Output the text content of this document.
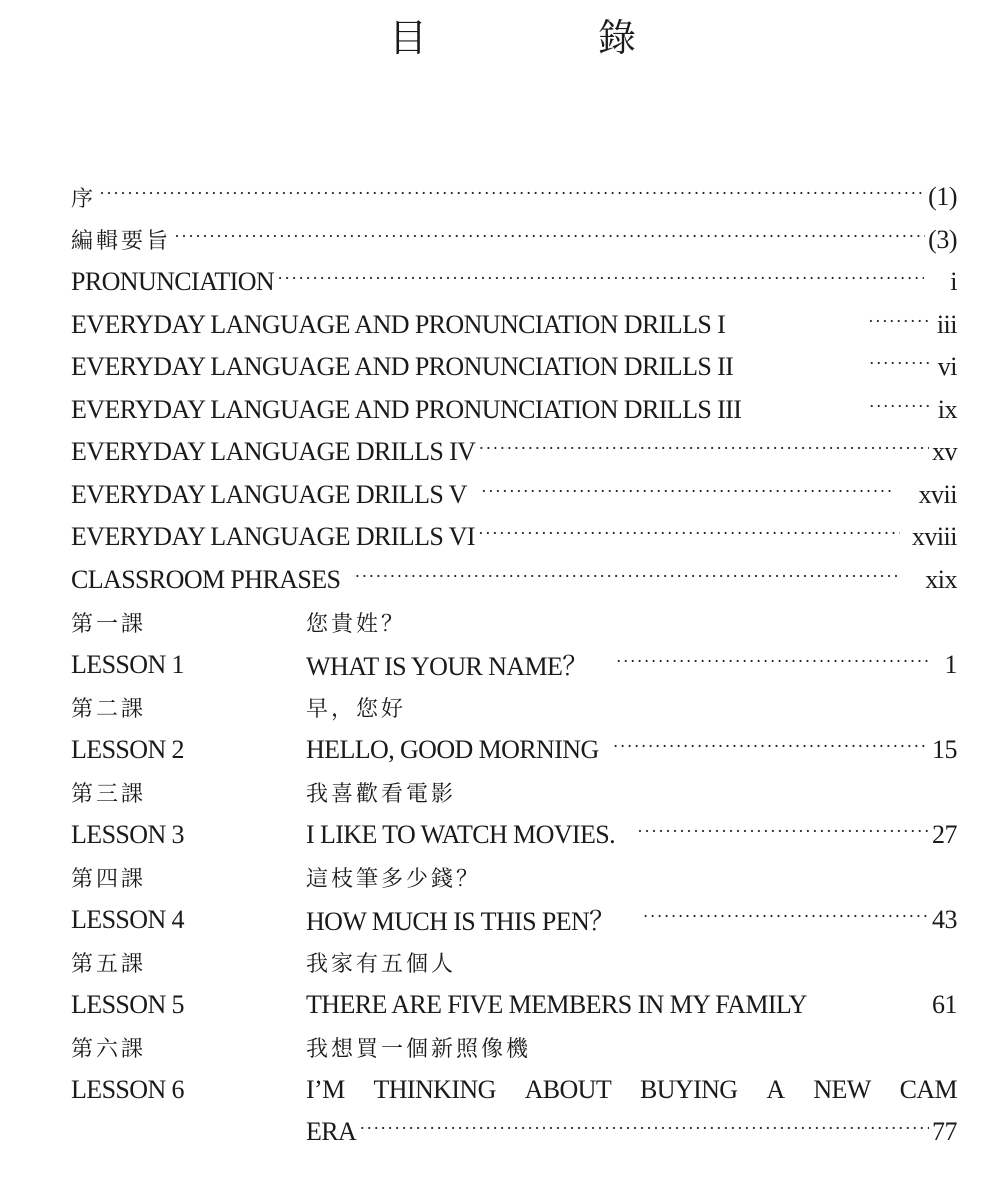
目	錄
序 ·····	(1)
編輯要旨 ·····	(3)
PRONUNCIATION ·····	i
EVERYDAY LANGUAGE AND PRONUNCIATION DRILLS I ·····	iii
EVERYDAY LANGUAGE AND PRONUNCIATION DRILLS II ·····	vi
EVERYDAY LANGUAGE AND PRONUNCIATION DRILLS III ·····	ix
EVERYDAY LANGUAGE DRILLS IV ·····	xv
EVERYDAY LANGUAGE DRILLS V ·····	xvii
EVERYDAY LANGUAGE DRILLS VI ·····	xviii
CLASSROOM PHRASES ·····	xix
第一課	您貴姓？
LESSON 1	WHAT IS YOUR NAME？ ·····	1
第二課	早，您好
LESSON 2	HELLO, GOOD MORNING ·····	15
第三課	我喜歡看電影
LESSON 3	I LIKE TO WATCH MOVIES. ·····	27
第四課	這枝筆多少錢？
LESSON 4	HOW MUCH IS THIS PEN？ ·····	43
第五課	我家有五個人
LESSON 5	THERE ARE FIVE MEMBERS IN MY FAMILY	61
第六課	我想買一個新照像機
LESSON 6	I’M THINKING ABOUT BUYING A NEW CAM
ERA ·····	77
